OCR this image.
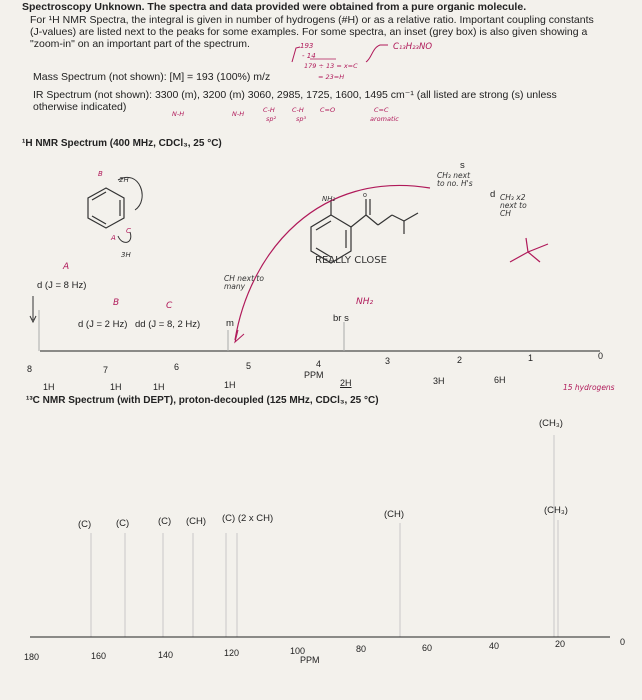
Spectroscopy Unknown. The spectra and data provided were obtained from a pure organic molecule.
For ¹H NMR Spectra, the integral is given in number of hydrogens (#H) or as a relative ratio. Important coupling constants
(J-values) are listed next to the peaks for some examples. For some spectra, an inset (grey box) is also given showing a
"zoom-in" on an important part of the spectrum.	193
- 14
179 ÷ 13 = x=C
= 23=H
C₁₃H₂₃NO
Mass Spectrum (not shown): [M] = 193 (100%) m/z
IR Spectrum (not shown): 3300 (m), 3200 (m) 3060, 2985, 1725, 1600, 1495 cm⁻¹ (all listed are strong (s) unless
otherwise indicated)
N-H	N-H	C-H	C-H C=O	C=C
sp²	sp³	aromatic
¹H NMR Spectrum (400 MHz, CDCl₃, 25 °C)
o
A
d (J = 8 Hz)
B
d (J = 2 Hz)
C
dd (J = 8, 2 Hz)	m
CH next to many
br s
NH₂
s
CH₃ next to no. H's
d CH₃ x2 next to CH
2H
3H
B
A
C
NH₂
REALLY CLOSE
8	7	6	5	4	3	2	1	0
PPM
1H	1H	1H	1H	2H	3H	6H
15 hydrogens
¹³C NMR Spectrum (with DEPT), proton-decoupled (125 MHz, CDCl₃, 25 °C)
(C)	(C)	(C) (CH) (C) (2 x CH)	(CH)
(CH₃)
(CH₃)
180	160	140	120	100	80	60	40	20	0
PPM
